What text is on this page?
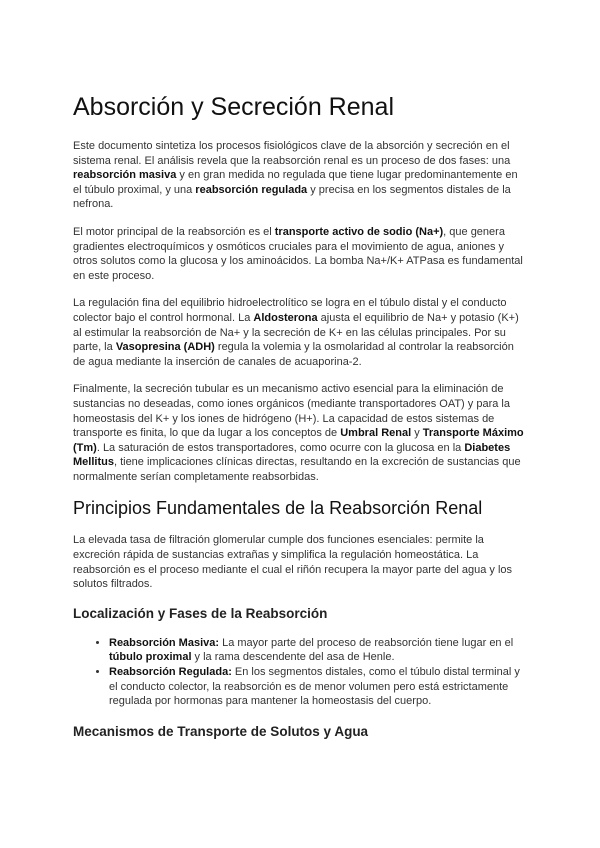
Absorción y Secreción Renal

Este documento sintetiza los procesos fisiológicos clave de la absorción y secreción en el sistema renal. El análisis revela que la reabsorción renal es un proceso de dos fases: una reabsorción masiva y en gran medida no regulada que tiene lugar predominantemente en el túbulo proximal, y una reabsorción regulada y precisa en los segmentos distales de la nefrona.

El motor principal de la reabsorción es el transporte activo de sodio (Na+), que genera gradientes electroquímicos y osmóticos cruciales para el movimiento de agua, aniones y otros solutos como la glucosa y los aminoácidos. La bomba Na+/K+ ATPasa es fundamental en este proceso.

La regulación fina del equilibrio hidroelectrolítico se logra en el túbulo distal y el conducto colector bajo el control hormonal. La Aldosterona ajusta el equilibrio de Na+ y potasio (K+) al estimular la reabsorción de Na+ y la secreción de K+ en las células principales. Por su parte, la Vasopresina (ADH) regula la volemia y la osmolaridad al controlar la reabsorción de agua mediante la inserción de canales de acuaporina-2.

Finalmente, la secreción tubular es un mecanismo activo esencial para la eliminación de sustancias no deseadas, como iones orgánicos (mediante transportadores OAT) y para la homeostasis del K+ y los iones de hidrógeno (H+). La capacidad de estos sistemas de transporte es finita, lo que da lugar a los conceptos de Umbral Renal y Transporte Máximo (Tm). La saturación de estos transportadores, como ocurre con la glucosa en la Diabetes Mellitus, tiene implicaciones clínicas directas, resultando en la excreción de sustancias que normalmente serían completamente reabsorbidas.

Principios Fundamentales de la Reabsorción Renal

La elevada tasa de filtración glomerular cumple dos funciones esenciales: permite la excreción rápida de sustancias extrañas y simplifica la regulación homeostática. La reabsorción es el proceso mediante el cual el riñón recupera la mayor parte del agua y los solutos filtrados.

Localización y Fases de la Reabsorción
• Reabsorción Masiva: La mayor parte del proceso de reabsorción tiene lugar en el túbulo proximal y la rama descendente del asa de Henle.
• Reabsorción Regulada: En los segmentos distales, como el túbulo distal terminal y el conducto colector, la reabsorción es de menor volumen pero está estrictamente regulada por hormonas para mantener la homeostasis del cuerpo.
Mecanismos de Transporte de Solutos y Agua
